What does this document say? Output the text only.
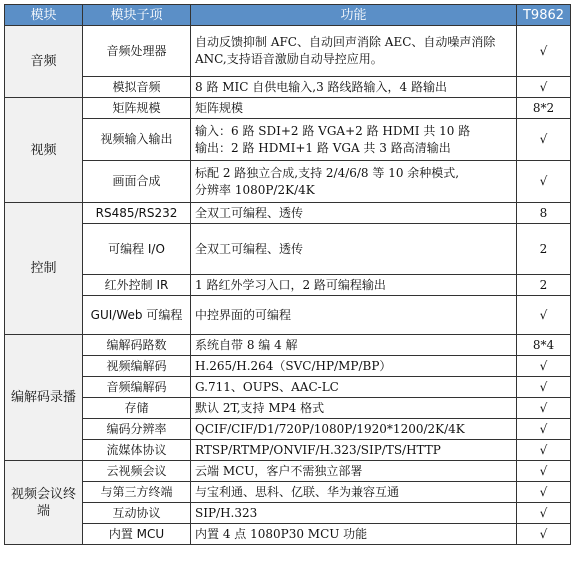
模块	模块子项	功能	T9862
音频	音频处理器	自动反馈抑制 AFC、自动回声消除 AEC、自动噪声消除 ANC,支持语音激励自动导控应用。	√
	模拟音频	8 路 MIC 自供电输入,3 路线路输入，4 路输出	√
视频	矩阵规模	矩阵规模	8*2
	视频输入输出	输入：6 路 SDI+2 路 VGA+2 路 HDMI 共 10 路
输出：2 路 HDMI+1 路 VGA 共 3 路高清输出	√
	画面合成	标配 2 路独立合成,支持 2/4/6/8 等 10 余种模式,
分辨率 1080P/2K/4K	√
控制	RS485/RS232	全双工可编程、透传	8
	可编程 I/O	全双工可编程、透传	2
	红外控制 IR	1 路红外学习入口，2 路可编程输出	2
	GUI/Web 可编程	中控界面的可编程	√
编解码录播	编解码路数	系统自带 8 编 4 解	8*4
	视频编解码	H.265/H.264（SVC/HP/MP/BP）	√
	音频编解码	G.711、OUPS、AAC-LC	√
	存储	默认 2T,支持 MP4 格式	√
	编码分辨率	QCIF/CIF/D1/720P/1080P/1920*1200/2K/4K	√
	流媒体协议	RTSP/RTMP/ONVIF/H.323/SIP/TS/HTTP	√
视频会议终端	云视频会议	云端 MCU，客户不需独立部署	√
	与第三方终端	与宝利通、思科、亿联、华为兼容互通	√
	互动协议	SIP/H.323	√
	内置 MCU	内置 4 点 1080P30 MCU 功能	√
